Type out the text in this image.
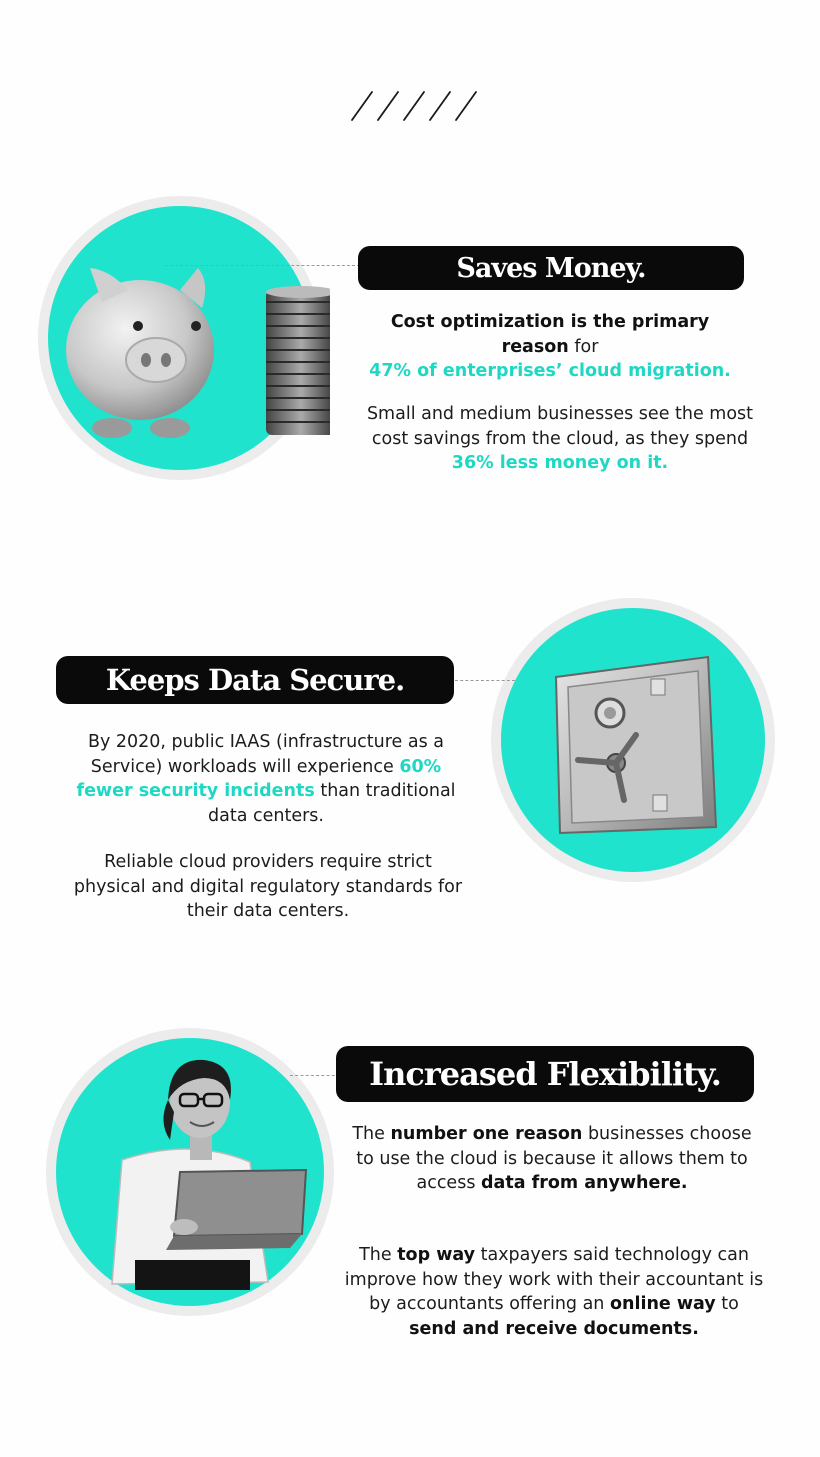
Saves Money.

Cost optimization is the primary reason for
47% of enterprises’ cloud migration.

Small and medium businesses see the most cost savings from the cloud, as they spend 36% less money on it.

Keeps Data Secure.

By 2020, public IAAS (infrastructure as a Service) workloads will experience 60% fewer security incidents than traditional data centers.

Reliable cloud providers require strict physical and digital regulatory standards for their data centers.

Increased Flexibility.

The number one reason businesses choose to use the cloud is because it allows them to access data from anywhere.

The top way taxpayers said technology can improve how they work with their accountant is by accountants offering an online way to send and receive documents.
